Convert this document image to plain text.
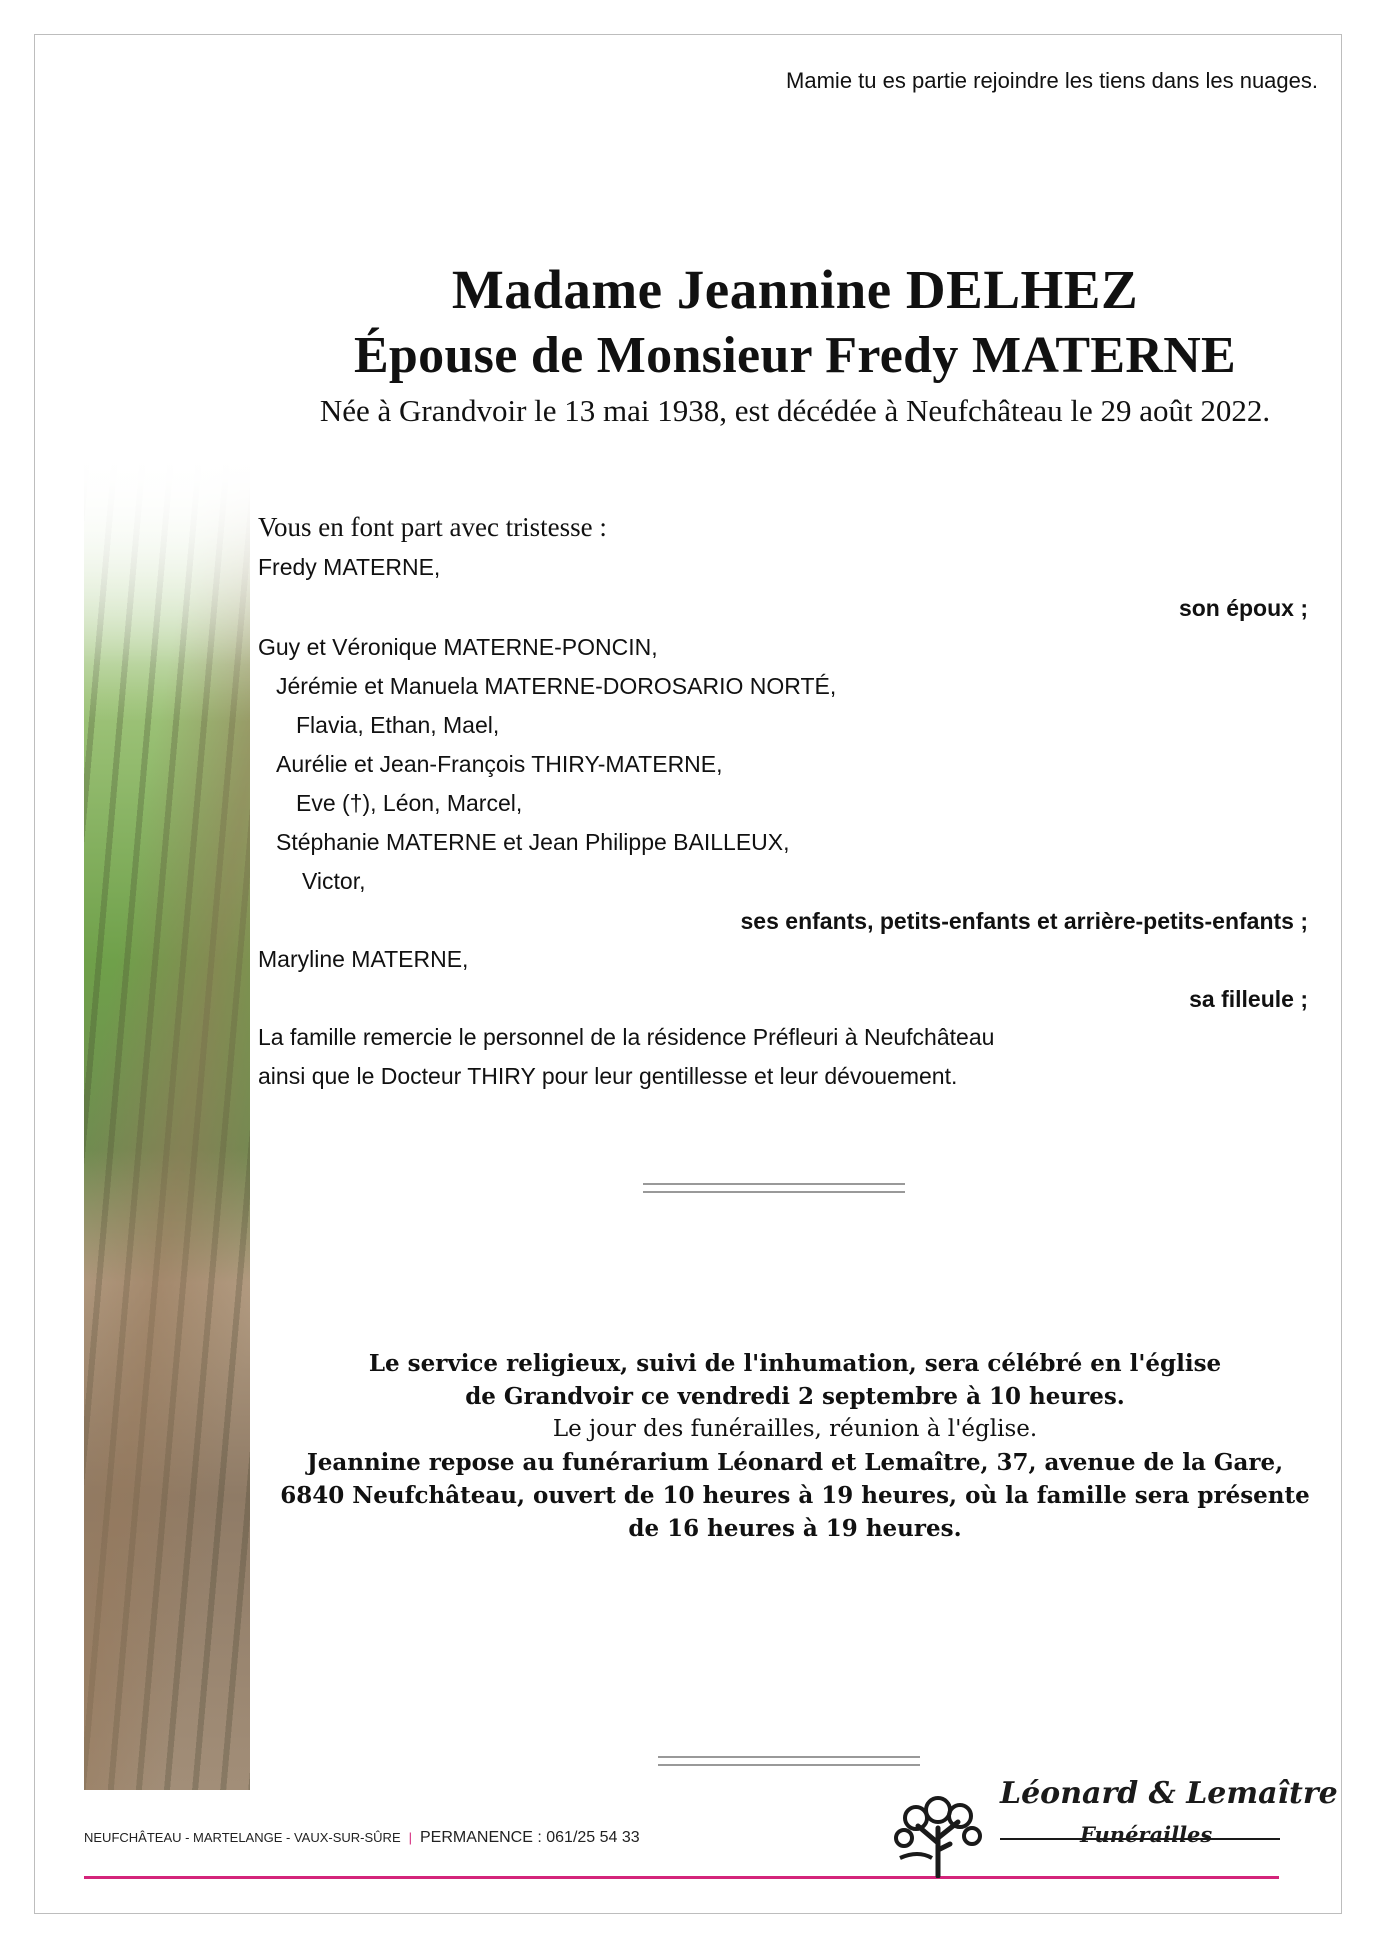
Mamie tu es partie rejoindre les tiens dans les nuages.
Madame Jeannine DELHEZ
Épouse de Monsieur Fredy MATERNE
Née à Grandvoir le 13 mai 1938, est décédée à Neufchâteau le 29 août 2022.
Vous en font part avec tristesse :
Fredy MATERNE,
son époux ;
Guy et Véronique MATERNE-PONCIN,
Jérémie et Manuela MATERNE-DOROSARIO NORTÉ,
Flavia, Ethan, Mael,
Aurélie et Jean-François THIRY-MATERNE,
Eve (†), Léon, Marcel,
Stéphanie MATERNE et Jean Philippe BAILLEUX,
Victor,
ses enfants, petits-enfants et arrière-petits-enfants ;
Maryline MATERNE,
sa filleule ;
La famille remercie le personnel de la résidence Préfleuri à Neufchâteau
ainsi que le Docteur THIRY pour leur gentillesse et leur dévouement.
Le service religieux, suivi de l'inhumation, sera célébré en l'église
de Grandvoir ce vendredi 2 septembre à 10 heures.
Le jour des funérailles, réunion à l'église.
Jeannine repose au funérarium Léonard et Lemaître, 37, avenue de la Gare,
6840 Neufchâteau, ouvert de 10 heures à 19 heures, où la famille sera présente
de 16 heures à 19 heures.
NEUFCHÂTEAU - MARTELANGE - VAUX-SUR-SÛRE | PERMANENCE : 061/25 54 33
Léonard & Lemaître
Funérailles
